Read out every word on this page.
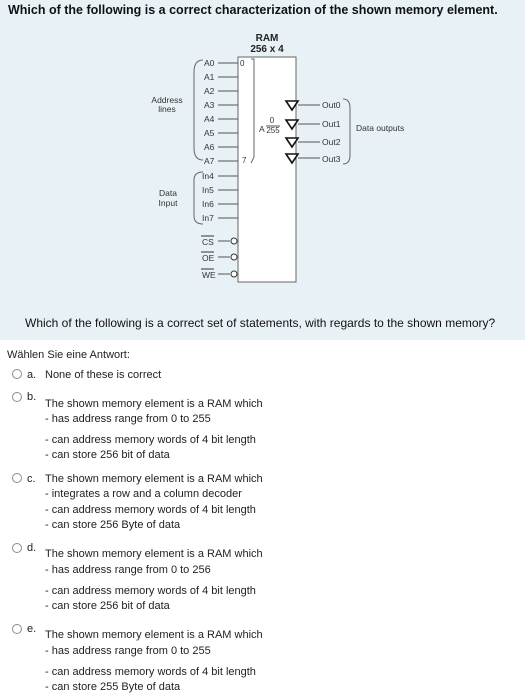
Which of the following is a correct characterization of the shown memory element.
RAM
256 x 4
Address
lines
A0
A1
A2
A3
A4
A5
A6
A7
0
7
A
0
255
Out0
Out1
Out2
Out3
Data outputs
Data
Input
In4
In5
In6
In7
CS
OE
WE
Which of the following is a correct set of statements, with regards to the shown memory?
Wählen Sie eine Antwort:
a. None of these is correct
b.
The shown memory element is a RAM which
- has address range from 0 to 255
- can address memory words of 4 bit length
- can store 256 bit of data
c. The shown memory element is a RAM which
- integrates a row and a column decoder
- can address memory words of 4 bit length
- can store 256 Byte of data
d. The shown memory element is a RAM which
- has address range from 0 to 256
- can address memory words of 4 bit length
- can store 256 bit of data
e. The shown memory element is a RAM which
- has address range from 0 to 255
- can address memory words of 4 bit length
- can store 255 Byte of data
